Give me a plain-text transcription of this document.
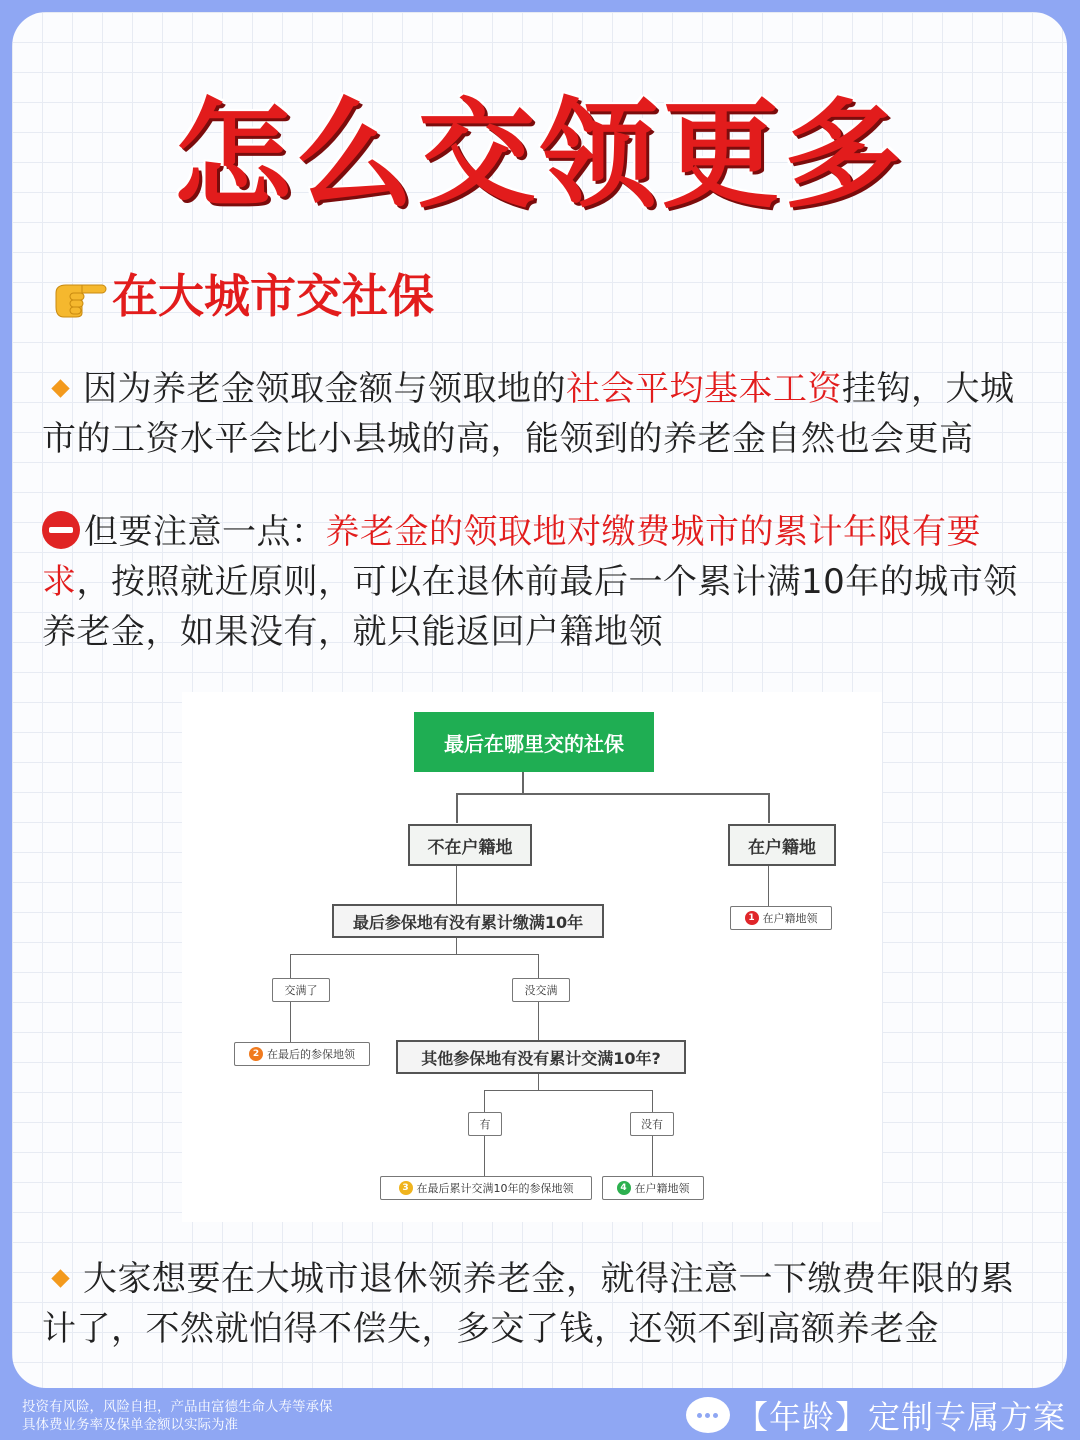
怎么交领更多
在大城市交社保
因为养老金领取金额与领取地的社会平均基本工资挂钩，大城市的工资水平会比小县城的高，能领到的养老金自然也会更高
但要注意一点：养老金的领取地对缴费城市的累计年限有要求，按照就近原则，可以在退休前最后一个累计满10年的城市领养老金，如果没有，就只能返回户籍地领
最后在哪里交的社保
不在户籍地	在户籍地
最后参保地有没有累计缴满10年	1 在户籍地领
交满了	没交满
2 在最后的参保地领	其他参保地有没有累计交满10年?
有	没有
3 在最后累计交满10年的参保地领	4 在户籍地领
大家想要在大城市退休领养老金，就得注意一下缴费年限的累计了，不然就怕得不偿失，多交了钱，还领不到高额养老金
投资有风险，风险自担，产品由富德生命人寿等承保
具体费业务率及保单金额以实际为准	【年龄】定制专属方案
